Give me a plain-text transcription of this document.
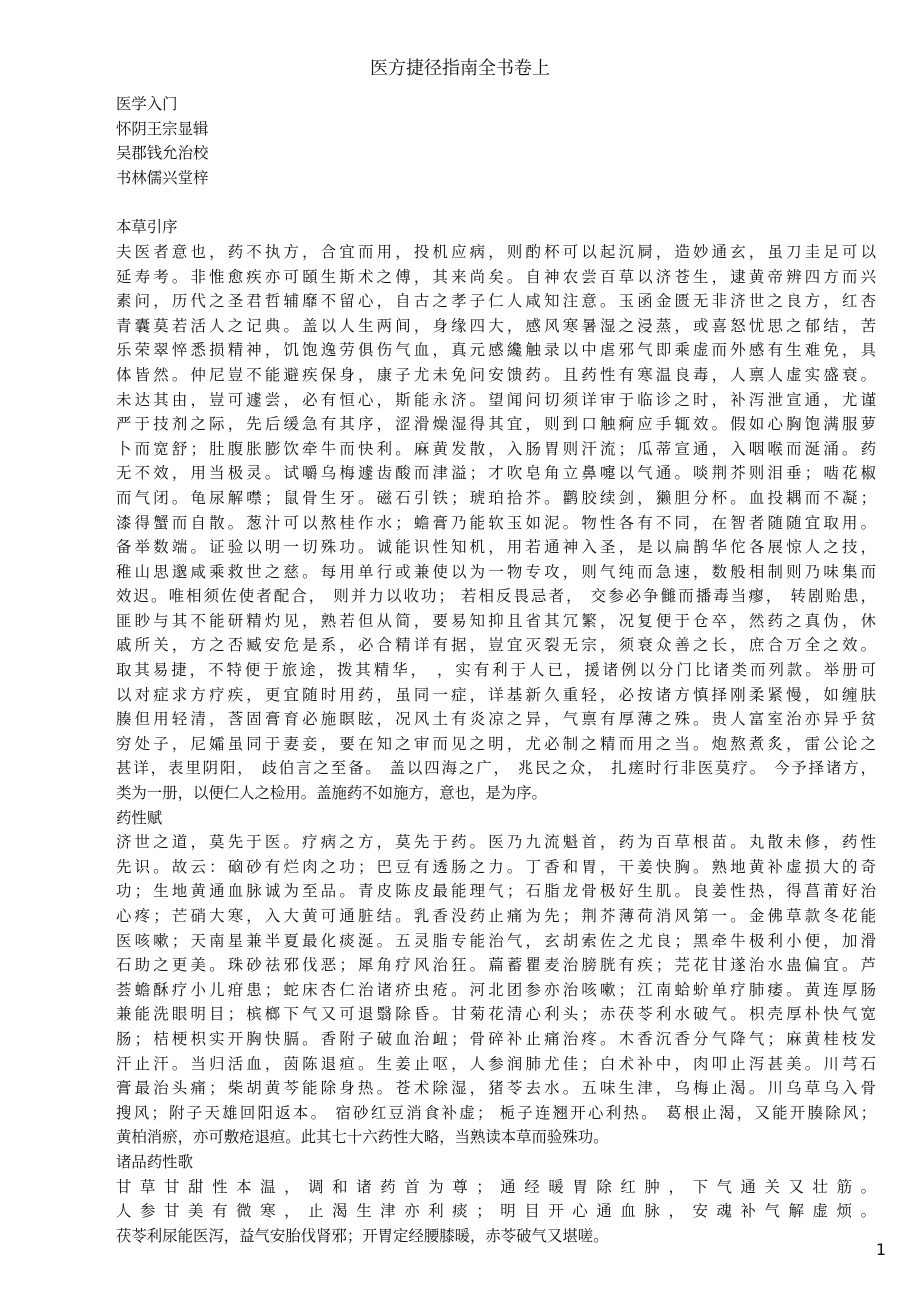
医方捷径指南全书卷上
医学入门
怀阴王宗显辑
吴郡钱允治校
书林儒兴堂梓
本草引序
夫医者意也，药不执方，合宜而用，投机应病，则酌杯可以起沉屙，造妙通玄，虽刀圭足可以
延寿考。非惟愈疾亦可頣生斯术之傅，其来尚矣。自神农尝百草以济苍生，逮黄帝辨四方而兴
素问，历代之圣君哲辅靡不留心，自古之孝子仁人咸知注意。玉函金匮无非济世之良方，红杏
青囊莫若活人之记典。盖以人生两间，身缘四大，感风寒暑湿之浸蒸，或喜怒忧思之郁结，苦
乐荣翠悴悉损精神，饥饱逸劳俱伤气血，真元感纔触录以中虐邪气即乘虚而外感有生难免，具
体皆然。仲尼豈不能避疾保身，康子尤未免问安馈药。且药性有寒温良毒，人禀人虚实盛衰。
未达其由，豈可遽尝，必有恒心，斯能永济。望闻问切须详审于临诊之时，补泻泄宣通，尤谨
严于技剂之际，先后缓急有其序，涩滑燥湿得其宜，则到口触痾应手辄效。假如心胸饱满服萝
卜而宽舒；肚腹胀膨饮牵牛而快利。麻黄发散，入肠胃则汗流；瓜蒂宣通，入咽喉而涎涌。药
无不效，用当极灵。试嚼乌梅遽齿酸而津溢；才吹皂角立鼻嚏以气通。啖荆芥则泪垂；啮花椒
而气闭。龟尿解噤；鼠骨生牙。磁石引铁；琥珀拾芥。鹳胶续剑，獭胆分杯。血投耦而不凝；
漆得蟹而自散。葱汁可以熬桂作水；蟾膏乃能软玉如泥。物性各有不同，在智者随随宜取用。
备举数端。证验以明一切殊功。诚能识性知机，用若通神入圣，是以扁鹊华佗各展惊人之技，
稚山思邈咸乘救世之慈。每用单行或兼使以为一物专攻，则气纯而急速，数般相制则乃味集而
效迟。唯相须佐使者配合， 则并力以收功； 若相反畏忌者， 交参必争雠而播毒当瘳， 转剧贻患，
匪眇与其不能研精灼见，熟若但从简，要易知抑且省其冗繁，况复便于仓卒，然药之真伪，休
戚所关，方之否臧安危是系，必合精详有据，豈宜灭裂无宗，须衰众善之长，庶合万全之效。
取其易捷，不特便于旅途，拨其精华， ，实有利于人已，援诸例以分门比诸类而列款。举册可
以对症求方疗疾，更宜随时用药，虽同一症，详基新久重轻，必按诸方慎择刚柔紧慢，如缠肤
腠但用轻清，莟固膏育必施瞑眩，况风土有炎凉之异，气禀有厚薄之殊。贵人富室治亦异乎贫
穷处子，尼孀虽同于妻妾，要在知之审而见之明，尤必制之精而用之当。炮熬煮炙，雷公论之
甚详，表里阴阳， 歧伯言之至备。 盖以四海之广， 兆民之众， 扎瘥时行非医莫疗。 今予择诸方，
类为一册，以便仁人之检用。盖施药不如施方，意也，是为序。
药性赋
济世之道，莫先于医。疗病之方，莫先于药。医乃九流魁首，药为百草根苗。丸散未修，药性
先识。故云：硇砂有烂肉之功；巴豆有透肠之力。丁香和胃，干姜快胸。熟地黄补虚损大的奇
功；生地黄通血脉诚为至品。青皮陈皮最能理气；石脂龙骨极好生肌。良姜性热，得菖莆好治
心疼；芒硝大寒，入大黄可通脏结。乳香没药止痛为先；荆芥薄荷消风第一。金佛草款冬花能
医咳嗽；天南星兼半夏最化痰涎。五灵脂专能治气，玄胡索佐之尤良；黑牵牛极利小便，加滑
石助之更美。珠砂祛邪伐恶；犀角疗风治狂。萹蓄瞿麦治膀胱有疾；芫花甘遂治水蛊偏宜。芦
荟蟾酥疗小儿疳患；蛇床杏仁治诸疥虫疮。河北团参亦治咳嗽；江南蛤蚧单疗肺痿。黄连厚肠
兼能洗眼明目；槟榔下气又可退翳除昏。甘菊花清心利头；赤茯苓利水破气。枳壳厚朴快气宽
肠；桔梗枳实开胸快膈。香附子破血治衄；骨碎补止痛治疼。木香沉香分气降气；麻黄桂枝发
汗止汗。当归活血，茵陈退疸。生姜止呕，人参润肺尤佳；白术补中，肉叩止泻甚美。川芎石
膏最治头痛；柴胡黄芩能除身热。苍术除湿，猪苓去水。五味生津，乌梅止渴。川乌草乌入骨
搜风；附子天雄回阳返本。 宿砂红豆消食补虚； 栀子连翘开心利热。 葛根止渴，又能开腠除风；
黄柏消瘀，亦可敷疮退疸。此其七十六药性大略，当熟读本草而验殊功。
诸品药性歌
甘草甘甜性本温，调和诸药首为尊；通经暖胃除红肿，下气通关又壮筋。
人参甘美有微寒，止渴生津亦利痰；明目开心通血脉，安魂补气解虚烦。
茯苓利尿能医泻，益气安胎伐肾邪；开胃定经腰膝暖，赤苓破气又堪嗟。
1
